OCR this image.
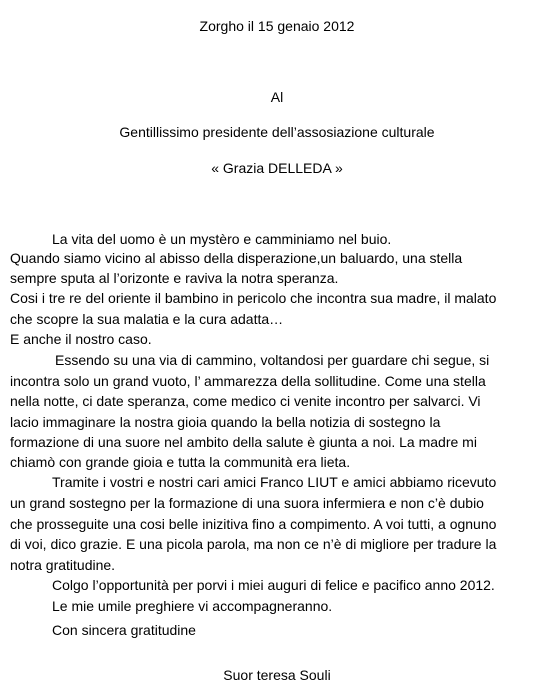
Zorgho il 15 genaio 2012
Al
Gentillissimo presidente dell’assosiazione culturale
« Grazia DELLEDA »
La vita del uomo è un mystèro e camminiamo nel buio.
Quando siamo vicino al abisso della disperazione,un baluardo, una stella
sempre sputa al l’orizonte e raviva la notra speranza.
Cosi i tre re del oriente il bambino in pericolo che incontra sua madre, il malato
che scopre la sua malatia e la cura adatta…
E anche il nostro caso.
Essendo su una via di cammino, voltandosi per guardare chi segue, si
incontra solo un grand vuoto, l’ ammarezza della sollitudine. Come una stella
nella notte, ci date speranza, come medico ci venite incontro per salvarci. Vi
lacio immaginare la nostra gioia quando la bella notizia di sostegno la
formazione di una suore nel ambito della salute è giunta a noi. La madre mi
chiamò con grande gioia e tutta la communità era lieta.
Tramite i vostri e nostri cari amici Franco LIUT e amici abbiamo ricevuto
un grand sostegno per la formazione di una suora infermiera e non c’è dubio
che prosseguite una cosi belle inizitiva fino a compimento. A voi tutti, a ognuno
di voi, dico grazie. E una picola parola, ma non ce n’è di migliore per tradure la
notra gratitudine.
Colgo l’opportunità per porvi i miei auguri di felice e pacifico anno 2012.
Le mie umile preghiere vi accompagneranno.
Con sincera gratitudine
Suor teresa Souli
